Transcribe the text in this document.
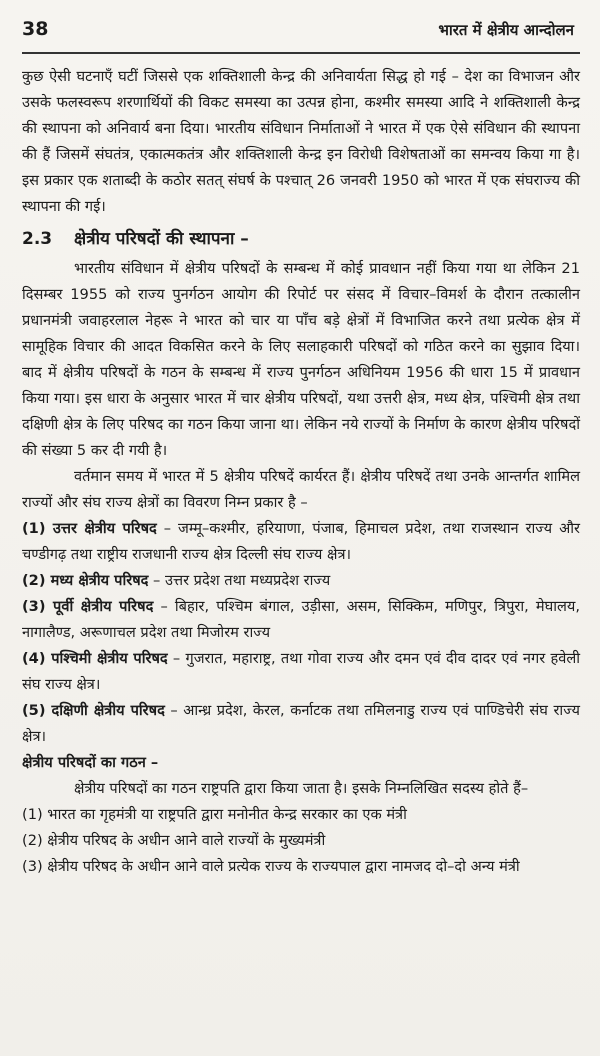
38	भारत में क्षेत्रीय आन्दोलन

कुछ ऐसी घटनाएँ घटीं जिससे एक शक्तिशाली केन्द्र की अनिवार्यता सिद्ध हो गई – देश का विभाजन और उसके फलस्वरूप शरणार्थियों की विकट समस्या का उत्पन्न होना, कश्मीर समस्या आदि ने शक्तिशाली केन्द्र की स्थापना को अनिवार्य बना दिया। भारतीय संविधान निर्माताओं ने भारत में एक ऐसे संविधान की स्थापना की हैं जिसमें संघतंत्र, एकात्मकतंत्र और शक्तिशाली केन्द्र इन विरोधी विशेषताओं का समन्वय किया गा है। इस प्रकार एक शताब्दी के कठोर सतत् संघर्ष के पश्चात् 26 जनवरी 1950 को भारत में एक संघराज्य की स्थापना की गई।

2.3	क्षेत्रीय परिषदों की स्थापना –

भारतीय संविधान में क्षेत्रीय परिषदों के सम्बन्ध में कोई प्रावधान नहीं किया गया था लेकिन 21 दिसम्बर 1955 को राज्य पुनर्गठन आयोग की रिपोर्ट पर संसद में विचार–विमर्श के दौरान तत्कालीन प्रधानमंत्री जवाहरलाल नेहरू ने भारत को चार या पाँच बड़े क्षेत्रों में विभाजित करने तथा प्रत्येक क्षेत्र में सामूहिक विचार की आदत विकसित करने के लिए सलाहकारी परिषदों को गठित करने का सुझाव दिया। बाद में क्षेत्रीय परिषदों के गठन के सम्बन्ध में राज्य पुनर्गठन अधिनियम 1956 की धारा 15 में प्रावधान किया गया। इस धारा के अनुसार भारत में चार क्षेत्रीय परिषदों, यथा उत्तरी क्षेत्र, मध्य क्षेत्र, पश्चिमी क्षेत्र तथा दक्षिणी क्षेत्र के लिए परिषद का गठन किया जाना था। लेकिन नये राज्यों के निर्माण के कारण क्षेत्रीय परिषदों की संख्या 5 कर दी गयी है।

वर्तमान समय में भारत में 5 क्षेत्रीय परिषदें कार्यरत हैं। क्षेत्रीय परिषदें तथा उनके आन्तर्गत शामिल राज्यों और संघ राज्य क्षेत्रों का विवरण निम्न प्रकार है –

(1) उत्तर क्षेत्रीय परिषद – जम्मू–कश्मीर, हरियाणा, पंजाब, हिमाचल प्रदेश, तथा राजस्थान राज्य और चण्डीगढ़ तथा राष्ट्रीय राजधानी राज्य क्षेत्र दिल्ली संघ राज्य क्षेत्र।

(2) मध्य क्षेत्रीय परिषद – उत्तर प्रदेश तथा मध्यप्रदेश राज्य

(3) पूर्वी क्षेत्रीय परिषद – बिहार, पश्चिम बंगाल, उड़ीसा, असम, सिक्किम, मणिपुर, त्रिपुरा, मेघालय, नागालैण्ड, अरूणाचल प्रदेश तथा मिजोरम राज्य

(4) पश्चिमी क्षेत्रीय परिषद – गुजरात, महाराष्ट्र, तथा गोवा राज्य और दमन एवं दीव दादर एवं नगर हवेली संघ राज्य क्षेत्र।

(5) दक्षिणी क्षेत्रीय परिषद – आन्ध्र प्रदेश, केरल, कर्नाटक तथा तमिलनाडु राज्य एवं पाण्डिचेरी संघ राज्य क्षेत्र।

क्षेत्रीय परिषदों का गठन –

क्षेत्रीय परिषदों का गठन राष्ट्रपति द्वारा किया जाता है। इसके निम्नलिखित सदस्य होते हैं–

(1) भारत का गृहमंत्री या राष्ट्रपति द्वारा मनोनीत केन्द्र सरकार का एक मंत्री

(2) क्षेत्रीय परिषद के अधीन आने वाले राज्यों के मुख्यमंत्री

(3) क्षेत्रीय परिषद के अधीन आने वाले प्रत्येक राज्य के राज्यपाल द्वारा नामजद दो–दो अन्य मंत्री
